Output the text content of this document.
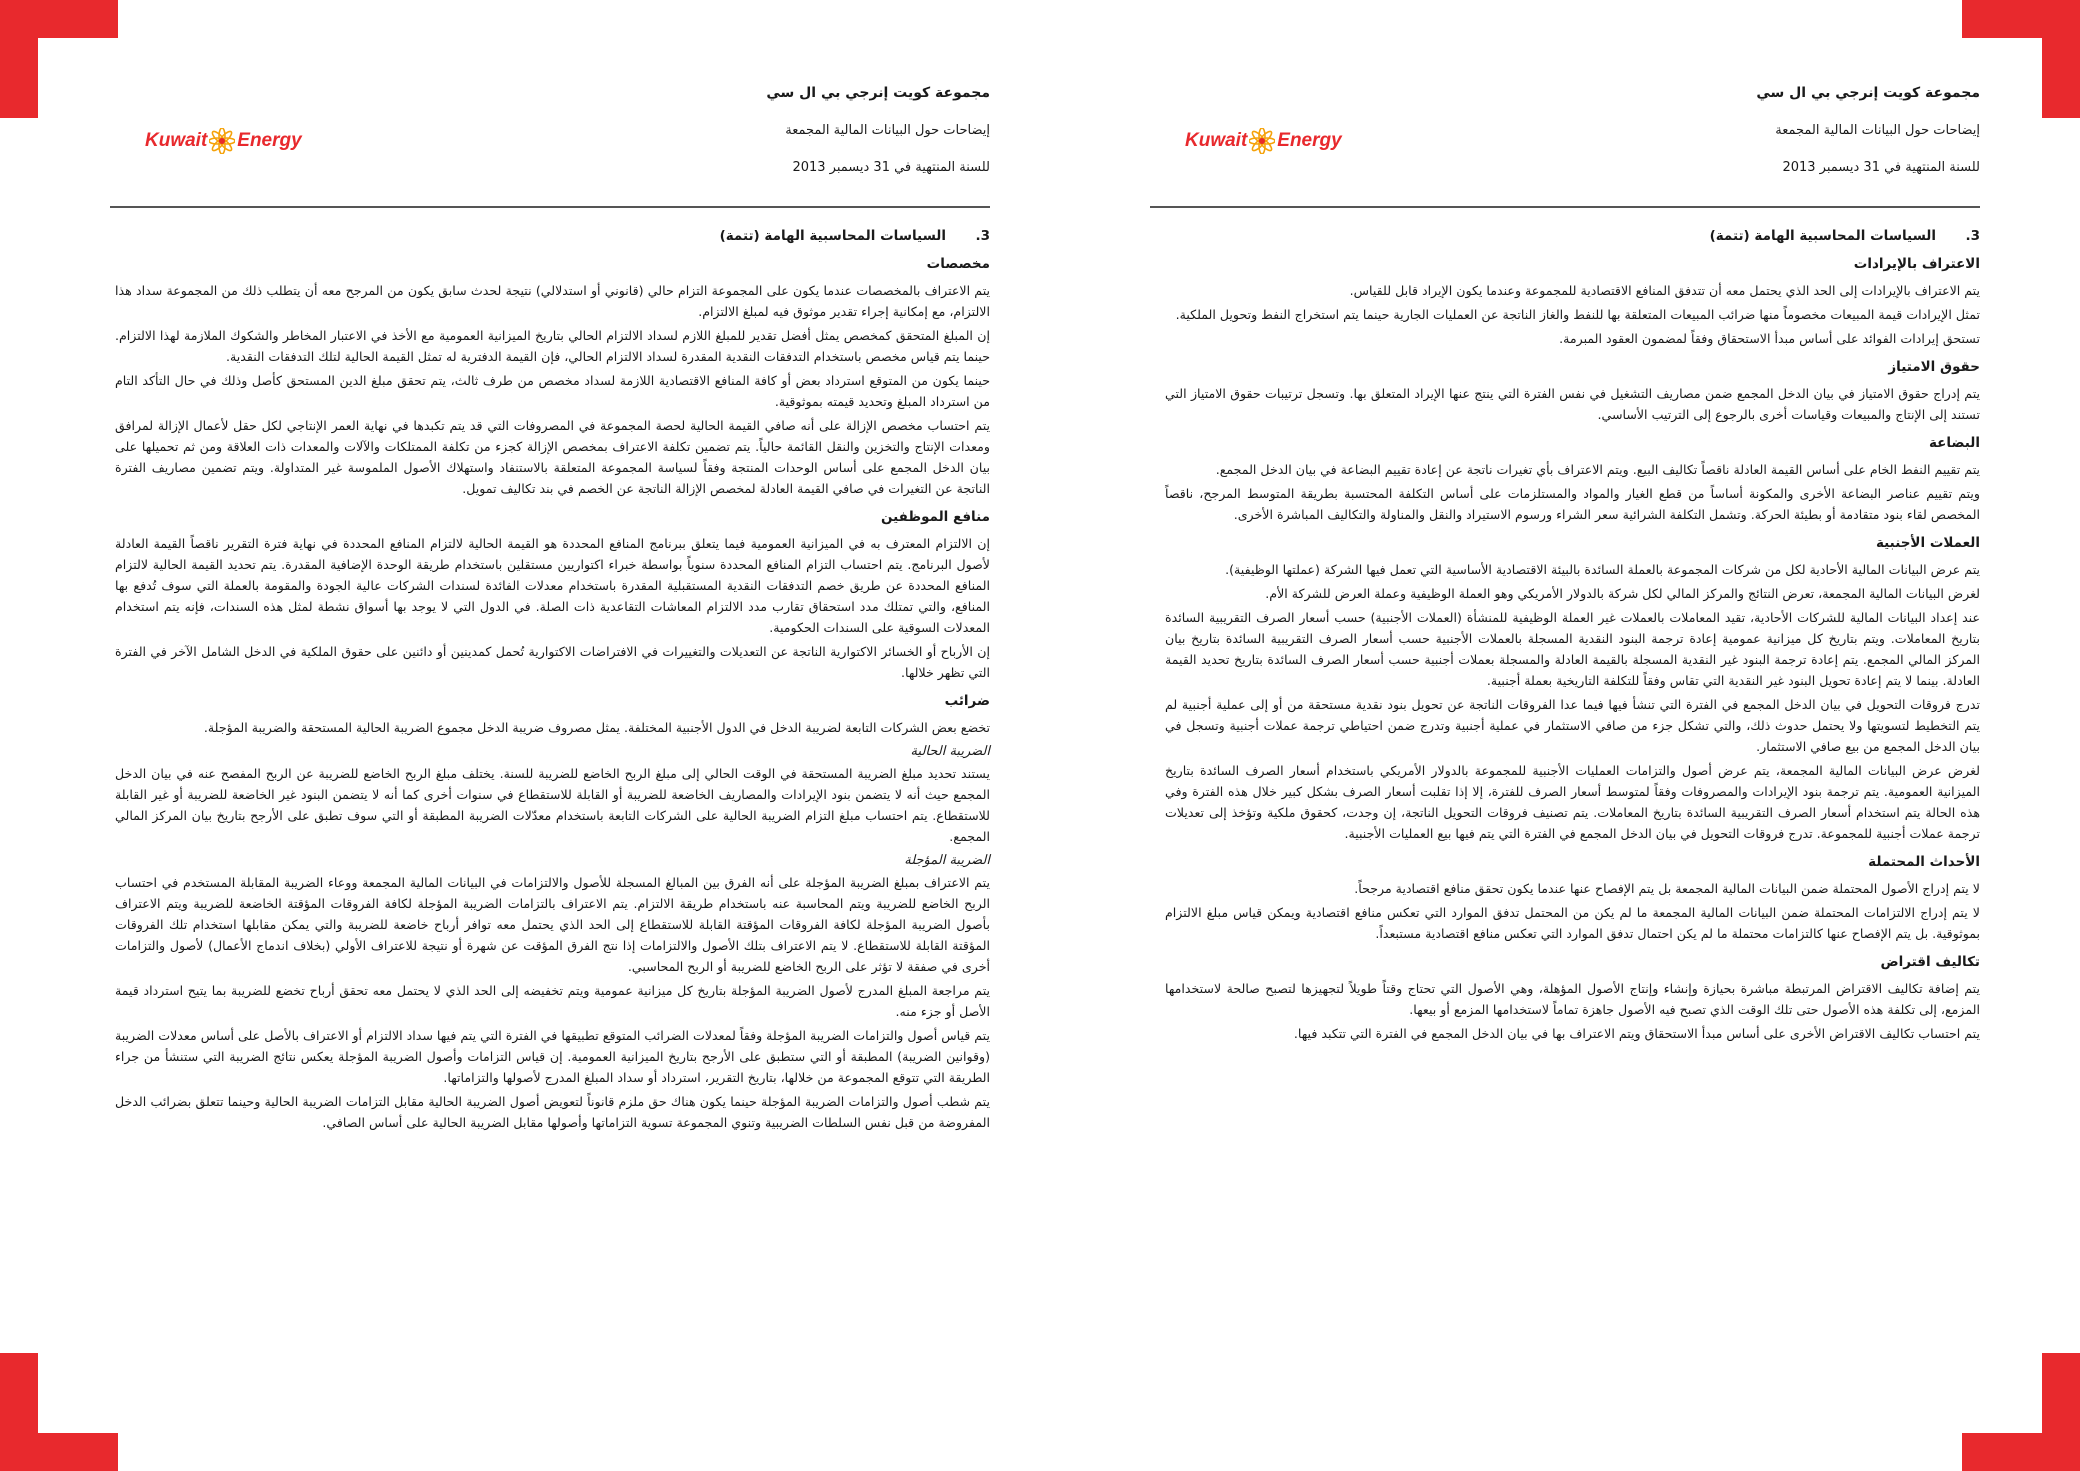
Kuwait Energy

مجموعة كويت إنرجي بي ال سي

إيضاحات حول البيانات المالية المجمعة

للسنة المنتهية في 31 ديسمبر 2013

3.
السياسات المحاسبية الهامة (تتمة)
مخصصات

يتم الاعتراف بالمخصصات عندما يكون على المجموعة التزام حالي (قانوني أو استدلالي) نتيجة لحدث سابق يكون من المرجح معه أن يتطلب ذلك من المجموعة سداد هذا الالتزام، مع إمكانية إجراء تقدير موثوق فيه لمبلغ الالتزام.

إن المبلغ المتحقق كمخصص يمثل أفضل تقدير للمبلغ اللازم لسداد الالتزام الحالي بتاريخ الميزانية العمومية مع الأخذ في الاعتبار المخاطر والشكوك الملازمة لهذا الالتزام. حينما يتم قياس مخصص باستخدام التدفقات النقدية المقدرة لسداد الالتزام الحالي، فإن القيمة الدفترية له تمثل القيمة الحالية لتلك التدفقات النقدية.

حينما يكون من المتوقع استرداد بعض أو كافة المنافع الاقتصادية اللازمة لسداد مخصص من طرف ثالث، يتم تحقق مبلغ الدين المستحق كأصل وذلك في حال التأكد التام من استرداد المبلغ وتحديد قيمته بموثوقية.

يتم احتساب مخصص الإزالة على أنه صافي القيمة الحالية لحصة المجموعة في المصروفات التي قد يتم تكبدها في نهاية العمر الإنتاجي لكل حقل لأعمال الإزالة لمرافق ومعدات الإنتاج والتخزين والنقل القائمة حالياً. يتم تضمين تكلفة الاعتراف بمخصص الإزالة كجزء من تكلفة الممتلكات والآلات والمعدات ذات العلاقة ومن ثم تحميلها على بيان الدخل المجمع على أساس الوحدات المنتجة وفقاً لسياسة المجموعة المتعلقة بالاستنفاد واستهلاك الأصول الملموسة غير المتداولة. ويتم تضمين مصاريف الفترة الناتجة عن التغيرات في صافي القيمة العادلة لمخصص الإزالة الناتجة عن الخصم في بند تكاليف تمويل.

منافع الموظفين

إن الالتزام المعترف به في الميزانية العمومية فيما يتعلق ببرنامج المنافع المحددة هو القيمة الحالية لالتزام المنافع المحددة في نهاية فترة التقرير ناقصاً القيمة العادلة لأصول البرنامج. يتم احتساب التزام المنافع المحددة سنوياً بواسطة خبراء اكتواريين مستقلين باستخدام طريقة الوحدة الإضافية المقدرة. يتم تحديد القيمة الحالية لالتزام المنافع المحددة عن طريق خصم التدفقات النقدية المستقبلية المقدرة باستخدام معدلات الفائدة لسندات الشركات عالية الجودة والمقومة بالعملة التي سوف تُدفع بها المنافع، والتي تمتلك مدد استحقاق تقارب مدد الالتزام المعاشات التقاعدية ذات الصلة. في الدول التي لا يوجد بها أسواق نشطة لمثل هذه السندات، فإنه يتم استخدام المعدلات السوقية على السندات الحكومية.

إن الأرباح أو الخسائر الاكتوارية الناتجة عن التعديلات والتغييرات في الافتراضات الاكتوارية تُحمل كمدينين أو دائنين على حقوق الملكية في الدخل الشامل الآخر في الفترة التي تظهر خلالها.

ضرائب

تخضع بعض الشركات التابعة لضريبة الدخل في الدول الأجنبية المختلفة. يمثل مصروف ضريبة الدخل مجموع الضريبة الحالية المستحقة والضريبة المؤجلة.

الضريبة الحالية

يستند تحديد مبلغ الضريبة المستحقة في الوقت الحالي إلى مبلغ الربح الخاضع للضريبة للسنة. يختلف مبلغ الربح الخاضع للضريبة عن الربح المفصح عنه في بيان الدخل المجمع حيث أنه لا يتضمن بنود الإيرادات والمصاريف الخاضعة للضريبة أو القابلة للاستقطاع في سنوات أخرى كما أنه لا يتضمن البنود غير الخاضعة للضريبة أو غير القابلة للاستقطاع. يتم احتساب مبلغ التزام الضريبة الحالية على الشركات التابعة باستخدام معدّلات الضريبة المطبقة أو التي سوف تطبق على الأرجح بتاريخ بيان المركز المالي المجمع.

الضريبة المؤجلة

يتم الاعتراف بمبلغ الضريبة المؤجلة على أنه الفرق بين المبالغ المسجلة للأصول والالتزامات في البيانات المالية المجمعة ووعاء الضريبة المقابلة المستخدم في احتساب الربح الخاضع للضريبة ويتم المحاسبة عنه باستخدام طريقة الالتزام. يتم الاعتراف بالتزامات الضريبة المؤجلة لكافة الفروقات المؤقتة الخاضعة للضريبة ويتم الاعتراف بأصول الضريبة المؤجلة لكافة الفروقات المؤقتة القابلة للاستقطاع إلى الحد الذي يحتمل معه توافر أرباح خاضعة للضريبة والتي يمكن مقابلها استخدام تلك الفروقات المؤقتة القابلة للاستقطاع. لا يتم الاعتراف بتلك الأصول والالتزامات إذا نتج الفرق المؤقت عن شهرة أو نتيجة للاعتراف الأولي (بخلاف اندماج الأعمال) لأصول والتزامات أخرى في صفقة لا تؤثر على الربح الخاضع للضريبة أو الربح المحاسبي.

يتم مراجعة المبلغ المدرج لأصول الضريبة المؤجلة بتاريخ كل ميزانية عمومية ويتم تخفيضه إلى الحد الذي لا يحتمل معه تحقق أرباح تخضع للضريبة بما يتيح استرداد قيمة الأصل أو جزء منه.

يتم قياس أصول والتزامات الضريبة المؤجلة وفقاً لمعدلات الضرائب المتوقع تطبيقها في الفترة التي يتم فيها سداد الالتزام أو الاعتراف بالأصل على أساس معدلات الضريبة (وقوانين الضريبة) المطبقة أو التي ستطبق على الأرجح بتاريخ الميزانية العمومية. إن قياس التزامات وأصول الضريبة المؤجلة يعكس نتائج الضريبة التي ستنشأ من جراء الطريقة التي تتوقع المجموعة من خلالها، بتاريخ التقرير، استرداد أو سداد المبلغ المدرج لأصولها والتزاماتها.

يتم شطب أصول والتزامات الضريبة المؤجلة حينما يكون هناك حق ملزم قانوناً لتعويض أصول الضريبة الحالية مقابل التزامات الضريبة الحالية وحينما تتعلق بضرائب الدخل المفروضة من قبل نفس السلطات الضريبية وتنوي المجموعة تسوية التزاماتها وأصولها مقابل الضريبة الحالية على أساس الصافي.

Kuwait Energy

مجموعة كويت إنرجي بي ال سي

إيضاحات حول البيانات المالية المجمعة

للسنة المنتهية في 31 ديسمبر 2013

3.
السياسات المحاسبية الهامة (تتمة)
الاعتراف بالإيرادات

يتم الاعتراف بالإيرادات إلى الحد الذي يحتمل معه أن تتدفق المنافع الاقتصادية للمجموعة وعندما يكون الإيراد قابل للقياس.

تمثل الإيرادات قيمة المبيعات مخصوماً منها ضرائب المبيعات المتعلقة بها للنفط والغاز الناتجة عن العمليات الجارية حينما يتم استخراج النفط وتحويل الملكية.

تستحق إيرادات الفوائد على أساس مبدأ الاستحقاق وفقاً لمضمون العقود المبرمة.

حقوق الامتياز

يتم إدراج حقوق الامتياز في بيان الدخل المجمع ضمن مصاريف التشغيل في نفس الفترة التي ينتج عنها الإيراد المتعلق بها. وتسجل ترتيبات حقوق الامتياز التي تستند إلى الإنتاج والمبيعات وقياسات أخرى بالرجوع إلى الترتيب الأساسي.

البضاعة

يتم تقييم النفط الخام على أساس القيمة العادلة ناقصاً تكاليف البيع. ويتم الاعتراف بأي تغيرات ناتجة عن إعادة تقييم البضاعة في بيان الدخل المجمع.

ويتم تقييم عناصر البضاعة الأخرى والمكونة أساساً من قطع الغيار والمواد والمستلزمات على أساس التكلفة المحتسبة بطريقة المتوسط المرجح، ناقصاً المخصص لقاء بنود متقادمة أو بطيئة الحركة. وتشمل التكلفة الشرائية سعر الشراء ورسوم الاستيراد والنقل والمناولة والتكاليف المباشرة الأخرى.

العملات الأجنبية

يتم عرض البيانات المالية الأحادية لكل من شركات المجموعة بالعملة السائدة بالبيئة الاقتصادية الأساسية التي تعمل فيها الشركة (عملتها الوظيفية).

لغرض البيانات المالية المجمعة، تعرض النتائج والمركز المالي لكل شركة بالدولار الأمريكي وهو العملة الوظيفية وعملة العرض للشركة الأم.

عند إعداد البيانات المالية للشركات الأحادية، تقيد المعاملات بالعملات غير العملة الوظيفية للمنشأة (العملات الأجنبية) حسب أسعار الصرف التقريبية السائدة بتاريخ المعاملات. ويتم بتاريخ كل ميزانية عمومية إعادة ترجمة البنود النقدية المسجلة بالعملات الأجنبية حسب أسعار الصرف التقريبية السائدة بتاريخ بيان المركز المالي المجمع. يتم إعادة ترجمة البنود غير النقدية المسجلة بالقيمة العادلة والمسجلة بعملات أجنبية حسب أسعار الصرف السائدة بتاريخ تحديد القيمة العادلة. بينما لا يتم إعادة تحويل البنود غير النقدية التي تقاس وفقاً للتكلفة التاريخية بعملة أجنبية.

تدرج فروقات التحويل في بيان الدخل المجمع في الفترة التي تنشأ فيها فيما عدا الفروقات الناتجة عن تحويل بنود نقدية مستحقة من أو إلى عملية أجنبية لم يتم التخطيط لتسويتها ولا يحتمل حدوث ذلك، والتي تشكل جزء من صافي الاستثمار في عملية أجنبية وتدرج ضمن احتياطي ترجمة عملات أجنبية وتسجل في بيان الدخل المجمع من بيع صافي الاستثمار.

لغرض عرض البيانات المالية المجمعة، يتم عرض أصول والتزامات العمليات الأجنبية للمجموعة بالدولار الأمريكي باستخدام أسعار الصرف السائدة بتاريخ الميزانية العمومية. يتم ترجمة بنود الإيرادات والمصروفات وفقاً لمتوسط أسعار الصرف للفترة، إلا إذا تقلبت أسعار الصرف بشكل كبير خلال هذه الفترة وفي هذه الحالة يتم استخدام أسعار الصرف التقريبية السائدة بتاريخ المعاملات. يتم تصنيف فروقات التحويل الناتجة، إن وجدت، كحقوق ملكية وتؤخذ إلى تعديلات ترجمة عملات أجنبية للمجموعة. تدرج فروقات التحويل في بيان الدخل المجمع في الفترة التي يتم فيها بيع العمليات الأجنبية.

الأحداث المحتملة

لا يتم إدراج الأصول المحتملة ضمن البيانات المالية المجمعة بل يتم الإفصاح عنها عندما يكون تحقق منافع اقتصادية مرجحاً.

لا يتم إدراج الالتزامات المحتملة ضمن البيانات المالية المجمعة ما لم يكن من المحتمل تدفق الموارد التي تعكس منافع اقتصادية ويمكن قياس مبلغ الالتزام بموثوقية. بل يتم الإفصاح عنها كالتزامات محتملة ما لم يكن احتمال تدفق الموارد التي تعكس منافع اقتصادية مستبعداً.

تكاليف اقتراض

يتم إضافة تكاليف الاقتراض المرتبطة مباشرة بحيازة وإنشاء وإنتاج الأصول المؤهلة، وهي الأصول التي تحتاج وقتاً طويلاً لتجهيزها لتصبح صالحة لاستخدامها المزمع، إلى تكلفة هذه الأصول حتى تلك الوقت الذي تصبح فيه الأصول جاهزة تماماً لاستخدامها المزمع أو بيعها.

يتم احتساب تكاليف الاقتراض الأخرى على أساس مبدأ الاستحقاق ويتم الاعتراف بها في بيان الدخل المجمع في الفترة التي تتكبد فيها.
